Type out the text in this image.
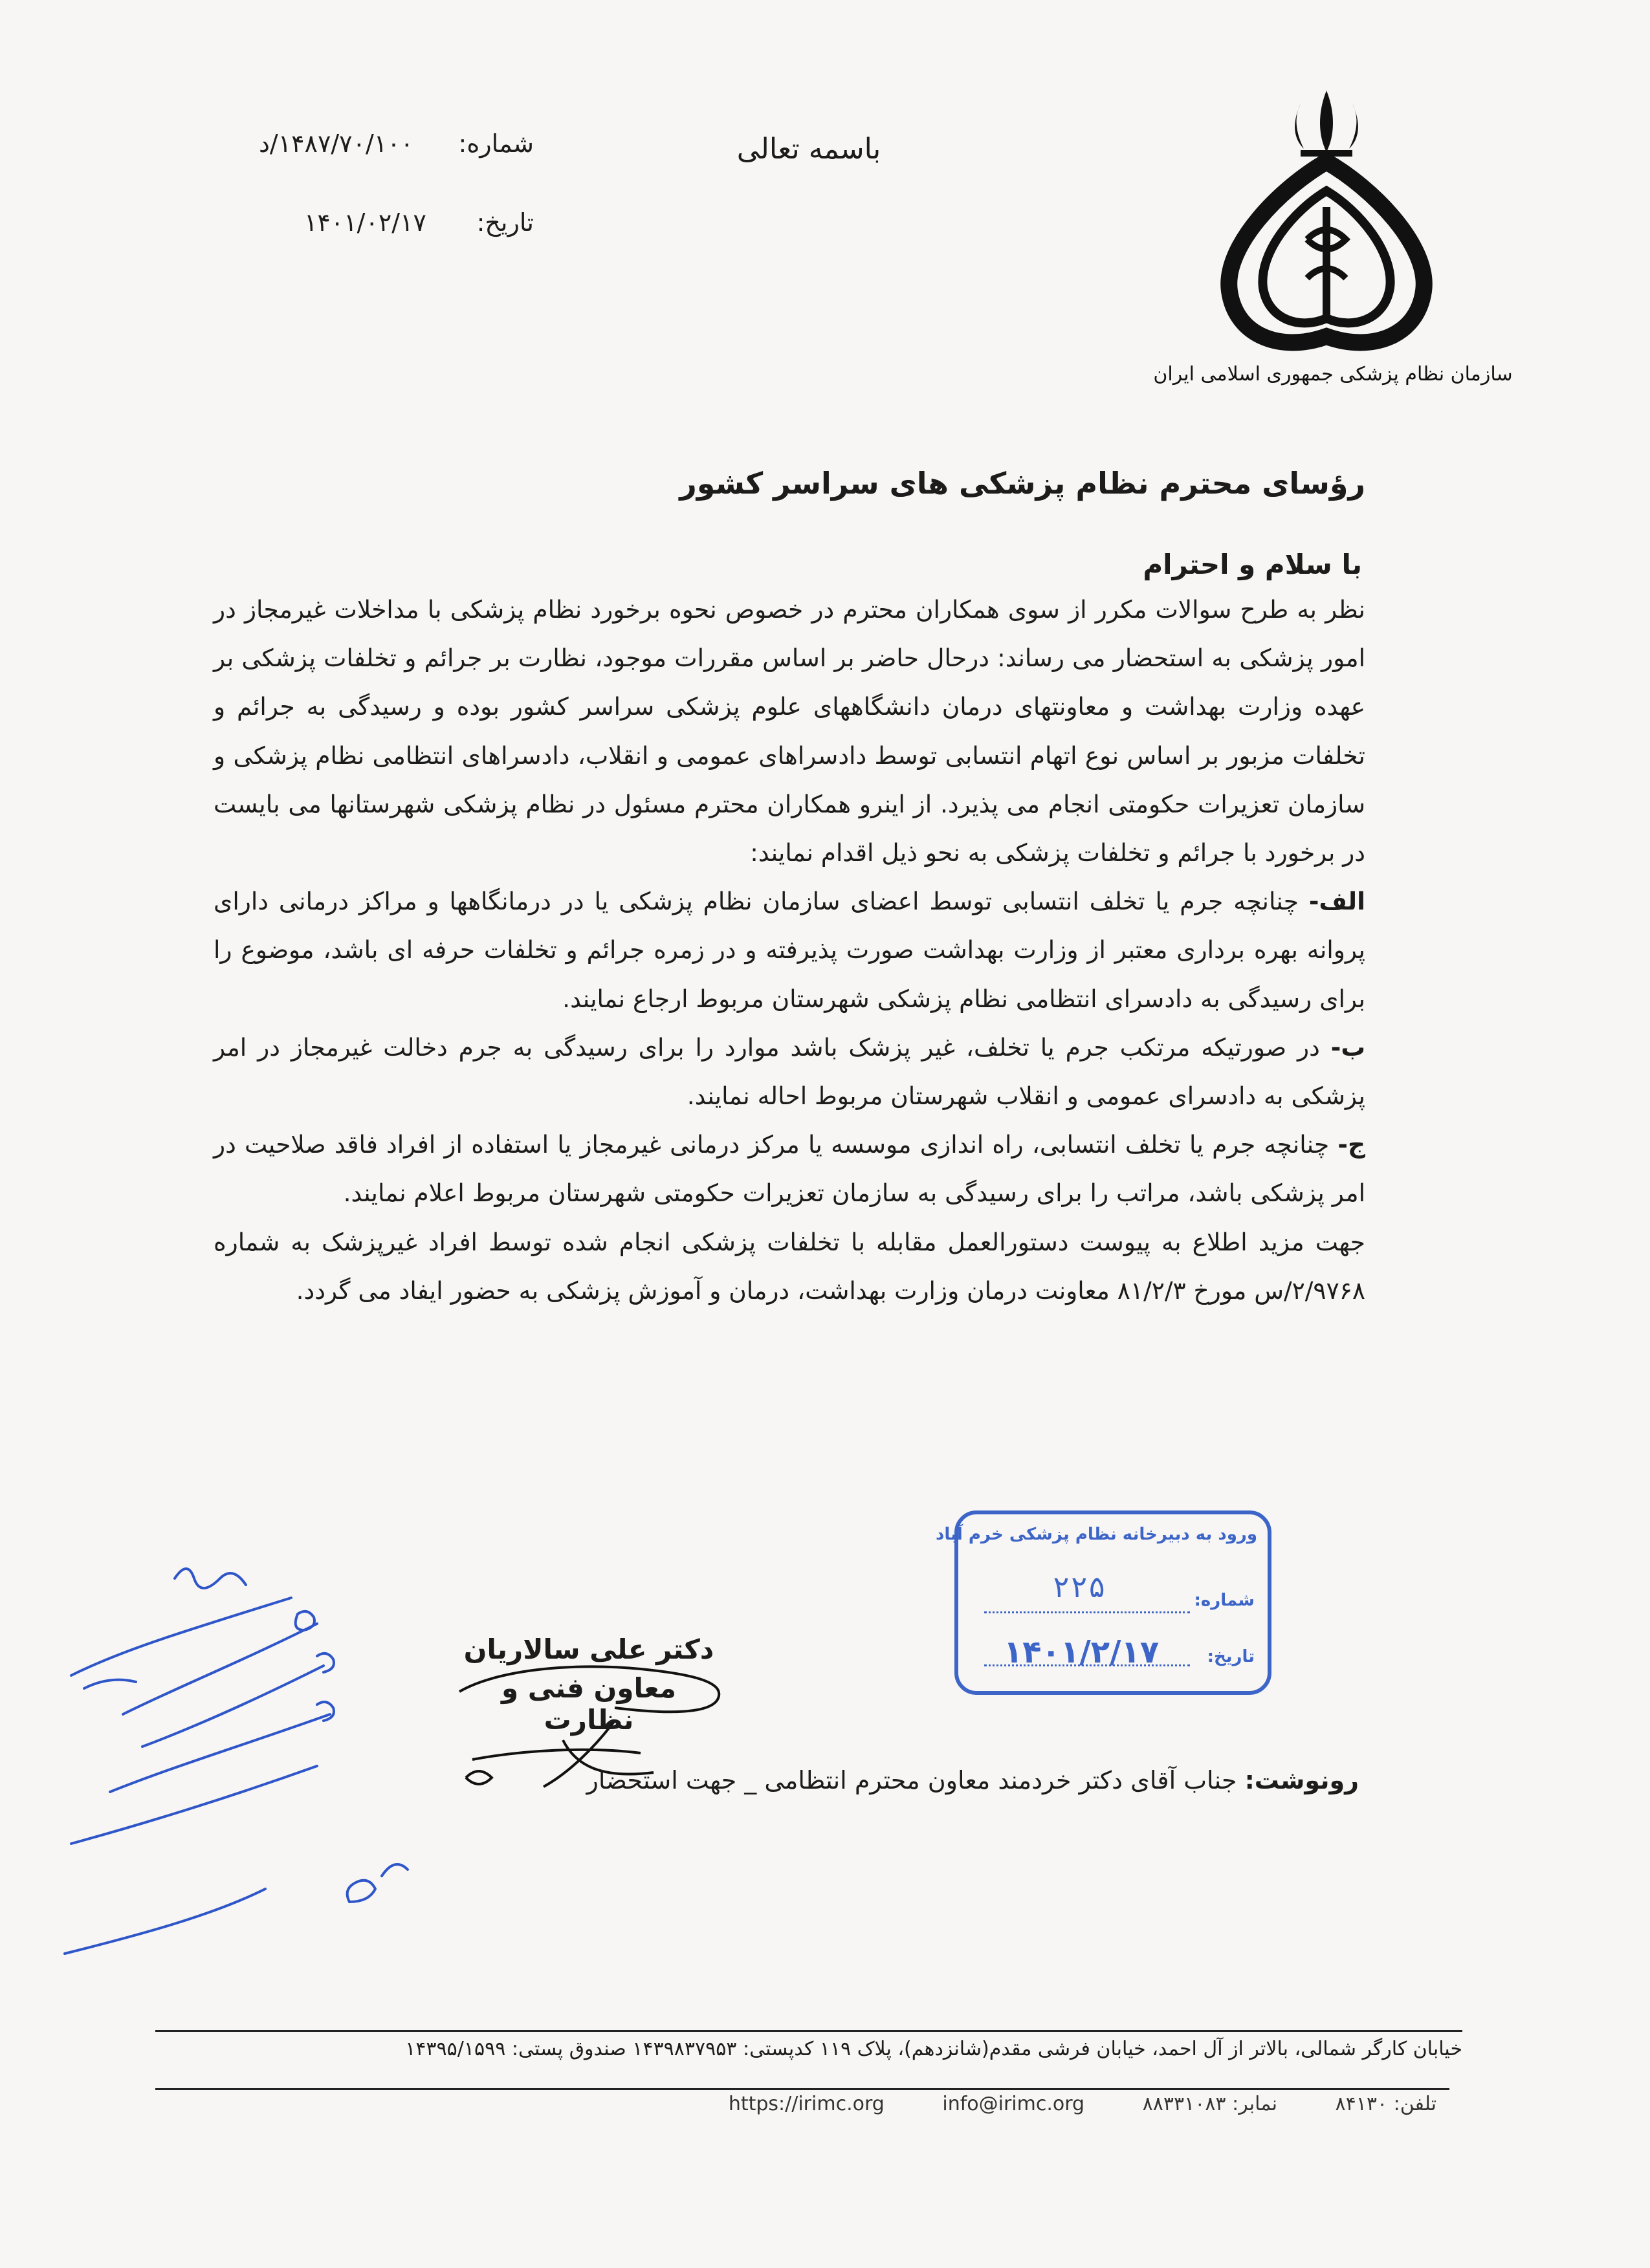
باسمه تعالی
شماره:
۱۴۸۷/۷۰/۱۰۰/د
تاریخ:
۱۴۰۱/۰۲/۱۷
سازمان نظام پزشکی جمهوری اسلامی ایران
رؤسای محترم نظام پزشکی های سراسر کشور
با سلام و احترام

نظر به طرح سوالات مکرر از سوی همکاران محترم در خصوص نحوه برخورد نظام پزشکی با مداخلات غیرمجاز در امور پزشکی به استحضار می رساند: درحال حاضر بر اساس مقررات موجود، نظارت بر جرائم و تخلفات پزشکی بر عهده وزارت بهداشت و معاونتهای درمان دانشگاههای علوم پزشکی سراسر کشور بوده و رسیدگی به جرائم و تخلفات مزبور بر اساس نوع اتهام انتسابی توسط دادسراهای عمومی و انقلاب، دادسراهای انتظامی نظام پزشکی و سازمان تعزیرات حکومتی انجام می پذیرد. از اینرو همکاران محترم مسئول در نظام پزشکی شهرستانها می بایست در برخورد با جرائم و تخلفات پزشکی به نحو ذیل اقدام نمایند:

الف- چنانچه جرم یا تخلف انتسابی توسط اعضای سازمان نظام پزشکی یا در درمانگاهها و مراکز درمانی دارای پروانه بهره برداری معتبر از وزارت بهداشت صورت پذیرفته و در زمره جرائم و تخلفات حرفه ای باشد، موضوع را برای رسیدگی به دادسرای انتظامی نظام پزشکی شهرستان مربوط ارجاع نمایند.

ب- در صورتیکه مرتکب جرم یا تخلف، غیر پزشک باشد موارد را برای رسیدگی به جرم دخالت غیرمجاز در امر پزشکی به دادسرای عمومی و انقلاب شهرستان مربوط احاله نمایند.

ج- چنانچه جرم یا تخلف انتسابی، راه اندازی موسسه یا مرکز درمانی غیرمجاز یا استفاده از افراد فاقد صلاحیت در امر پزشکی باشد، مراتب را برای رسیدگی به سازمان تعزیرات حکومتی شهرستان مربوط اعلام نمایند.

جهت مزید اطلاع به پیوست دستورالعمل مقابله با تخلفات پزشکی انجام شده توسط افراد غیرپزشک به شماره ۲/۹۷۶۸/س مورخ ۸۱/۲/۳ معاونت درمان وزارت بهداشت، درمان و آموزش پزشکی به حضور ایفاد می گردد.

ورود به دبیرخانه نظام پزشکی خرم آباد
شماره:
۲۲۵
تاریخ:
۱۴۰۱/۲/۱۷
دکتر علی سالاریان
معاون فنی و نظارت
رونوشت: جناب آقای دکتر خردمند معاون محترم انتظامی _ جهت استحضار
خیابان کارگر شمالی، بالاتر از آل احمد، خیابان فرشی مقدم(شانزدهم)، پلاک ۱۱۹ کدپستی: ۱۴۳۹۸۳۷۹۵۳ صندوق پستی: ۱۴۳۹۵/۱۵۹۹
تلفن: ۸۴۱۳۰ نمابر: ۸۸۳۳۱۰۸۳ https://irimc.org	info@irimc.org
